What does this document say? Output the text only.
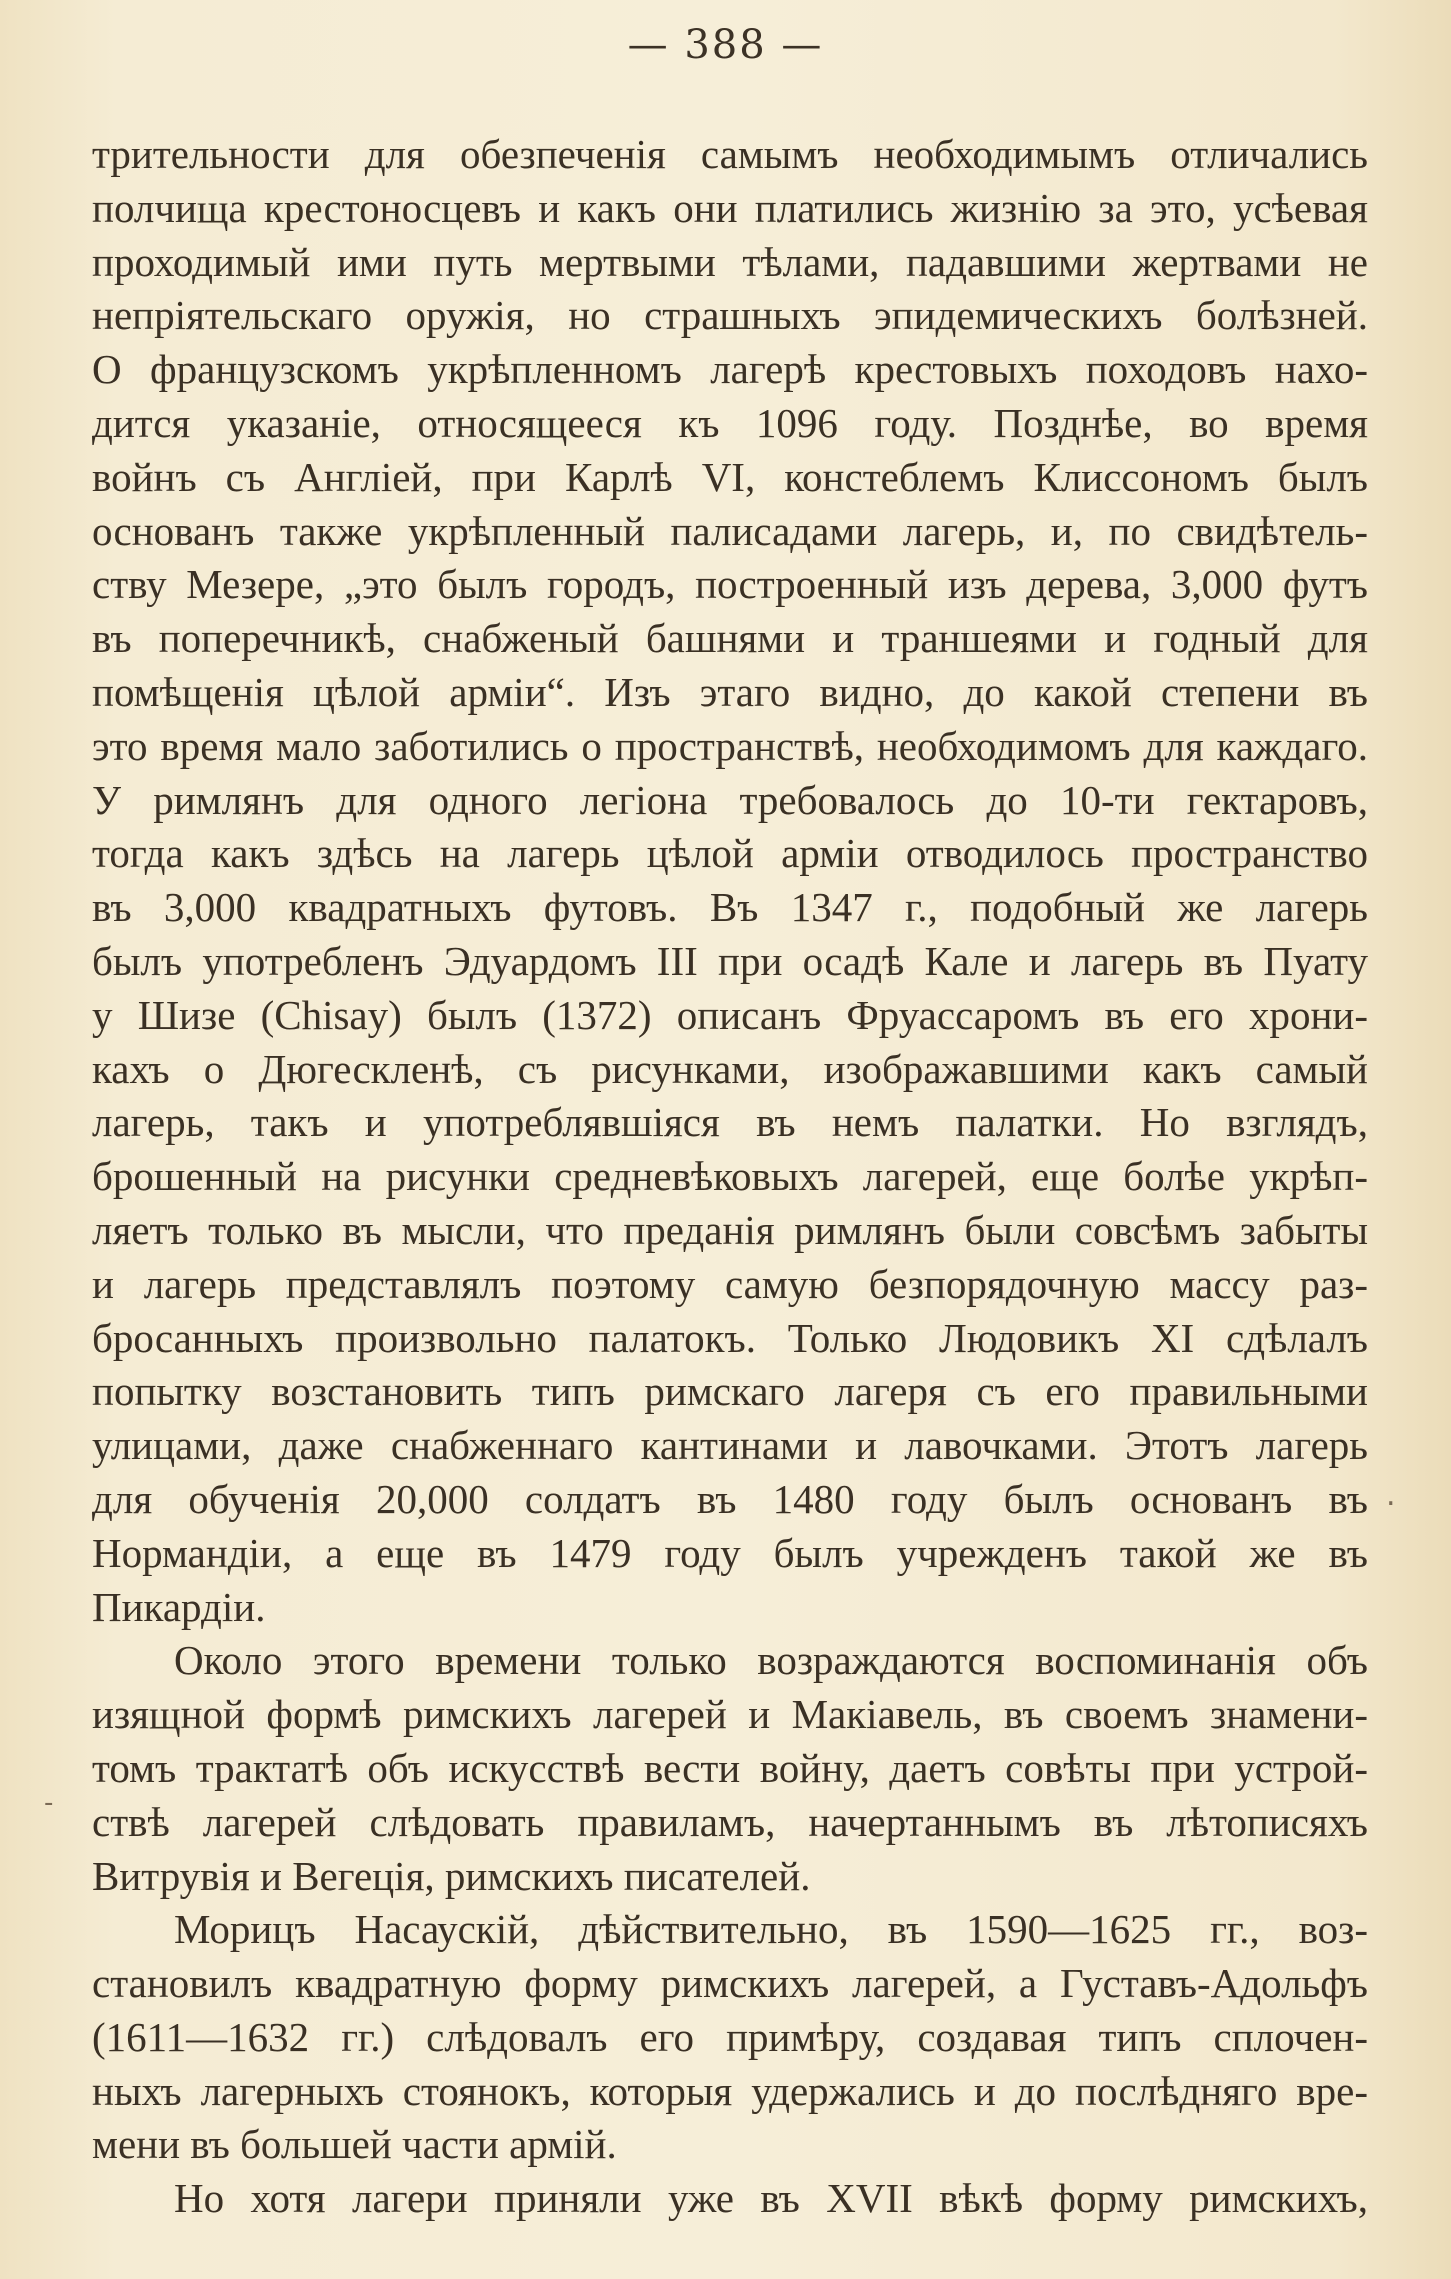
— 388 —
трительности для обезпеченія самымъ необходимымъ отличались
полчища крестоносцевъ и какъ они платились жизнію за это, усѣевая
проходимый ими путь мертвыми тѣлами, падавшими жертвами не
непріятельскаго оружія, но страшныхъ эпидемическихъ болѣзней.
О французскомъ укрѣпленномъ лагерѣ крестовыхъ походовъ нахо-
дится указаніе, относящееся къ 1096 году. Позднѣе, во время
войнъ съ Англіей, при Карлѣ VI, констеблемъ Клиссономъ былъ
основанъ также укрѣпленный палисадами лагерь, и, по свидѣтель-
ству Мезере, „это былъ городъ, построенный изъ дерева, 3,000 футъ
въ поперечникѣ, снабженый башнями и траншеями и годный для
помѣщенія цѣлой арміи“. Изъ этаго видно, до какой степени въ
это время мало заботились о пространствѣ, необходимомъ для каждаго.
У римлянъ для одного легіона требовалось до 10-ти гектаровъ,
тогда какъ здѣсь на лагерь цѣлой арміи отводилось пространство
въ 3,000 квадратныхъ футовъ. Въ 1347 г., подобный же лагерь
былъ употребленъ Эдуардомъ III при осадѣ Кале и лагерь въ Пуату
у Шизе (Chisay) былъ (1372) описанъ Фруассаромъ въ его хрони-
кахъ о Дюгескленѣ, съ рисунками, изображавшими какъ самый
лагерь, такъ и употреблявшіяся въ немъ палатки. Но взглядъ,
брошенный на рисунки средневѣковыхъ лагерей, еще болѣе укрѣп-
ляетъ только въ мысли, что преданія римлянъ были совсѣмъ забыты
и лагерь представлялъ поэтому самую безпорядочную массу раз-
бросанныхъ произвольно палатокъ. Только Людовикъ XI сдѣлалъ
попытку возстановить типъ римскаго лагеря съ его правильными
улицами, даже снабженнаго кантинами и лавочками. Этотъ лагерь
для обученія 20,000 солдатъ въ 1480 году былъ основанъ въ
Нормандіи, а еще въ 1479 году былъ учрежденъ такой же въ
Пикардіи.
Около этого времени только возраждаются воспоминанія объ
изящной формѣ римскихъ лагерей и Макіавель, въ своемъ знамени-
томъ трактатѣ объ искусствѣ вести войну, даетъ совѣты при устрой-
ствѣ лагерей слѣдовать правиламъ, начертаннымъ въ лѣтописяхъ
Витрувія и Вегеція, римскихъ писателей.
Морицъ Насаускій, дѣйствительно, въ 1590—1625 гг., воз-
становилъ квадратную форму римскихъ лагерей, а Густавъ-Адольфъ
(1611—1632 гг.) слѣдовалъ его примѣру, создавая типъ сплочен-
ныхъ лагерныхъ стоянокъ, которыя удержались и до послѣдняго вре-
мени въ большей части армій.
Но хотя лагери приняли уже въ XVII вѣкѣ форму римскихъ,
.
-
